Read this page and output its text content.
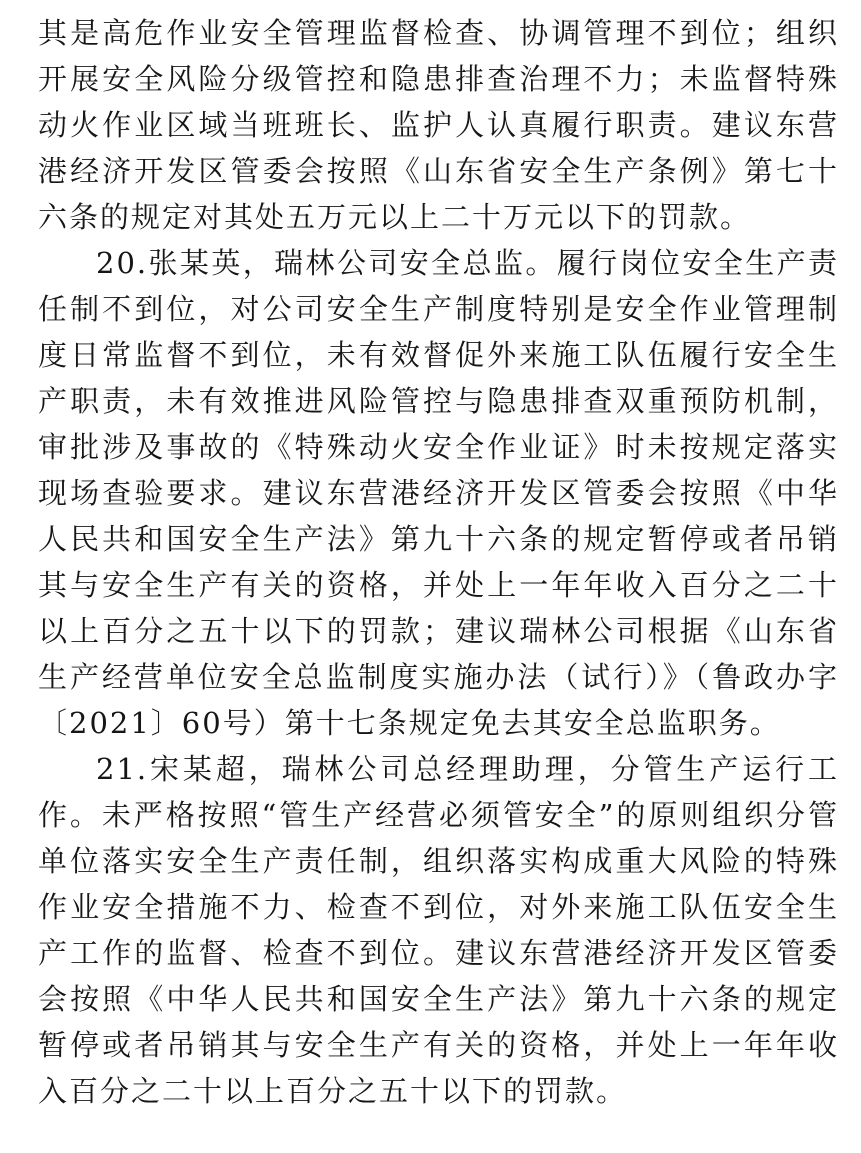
其是高危作业安全管理监督检查、协调管理不到位；组织开展安全风险分级管控和隐患排查治理不力；未监督特殊动火作业区域当班班长、监护人认真履行职责。建议东营港经济开发区管委会按照《山东省安全生产条例》第七十六条的规定对其处五万元以上二十万元以下的罚款。

20.张某英，瑞林公司安全总监。履行岗位安全生产责任制不到位，对公司安全生产制度特别是安全作业管理制度日常监督不到位，未有效督促外来施工队伍履行安全生产职责，未有效推进风险管控与隐患排查双重预防机制，审批涉及事故的《特殊动火安全作业证》时未按规定落实现场查验要求。建议东营港经济开发区管委会按照《中华人民共和国安全生产法》第九十六条的规定暂停或者吊销其与安全生产有关的资格，并处上一年年收入百分之二十以上百分之五十以下的罚款；建议瑞林公司根据《山东省生产经营单位安全总监制度实施办法（试行）》（鲁政办字〔2021〕60号）第十七条规定免去其安全总监职务。

21.宋某超，瑞林公司总经理助理，分管生产运行工作。未严格按照“管生产经营必须管安全”的原则组织分管单位落实安全生产责任制，组织落实构成重大风险的特殊作业安全措施不力、检查不到位，对外来施工队伍安全生产工作的监督、检查不到位。建议东营港经济开发区管委会按照《中华人民共和国安全生产法》第九十六条的规定暂停或者吊销其与安全生产有关的资格，并处上一年年收入百分之二十以上百分之五十以下的罚款。
